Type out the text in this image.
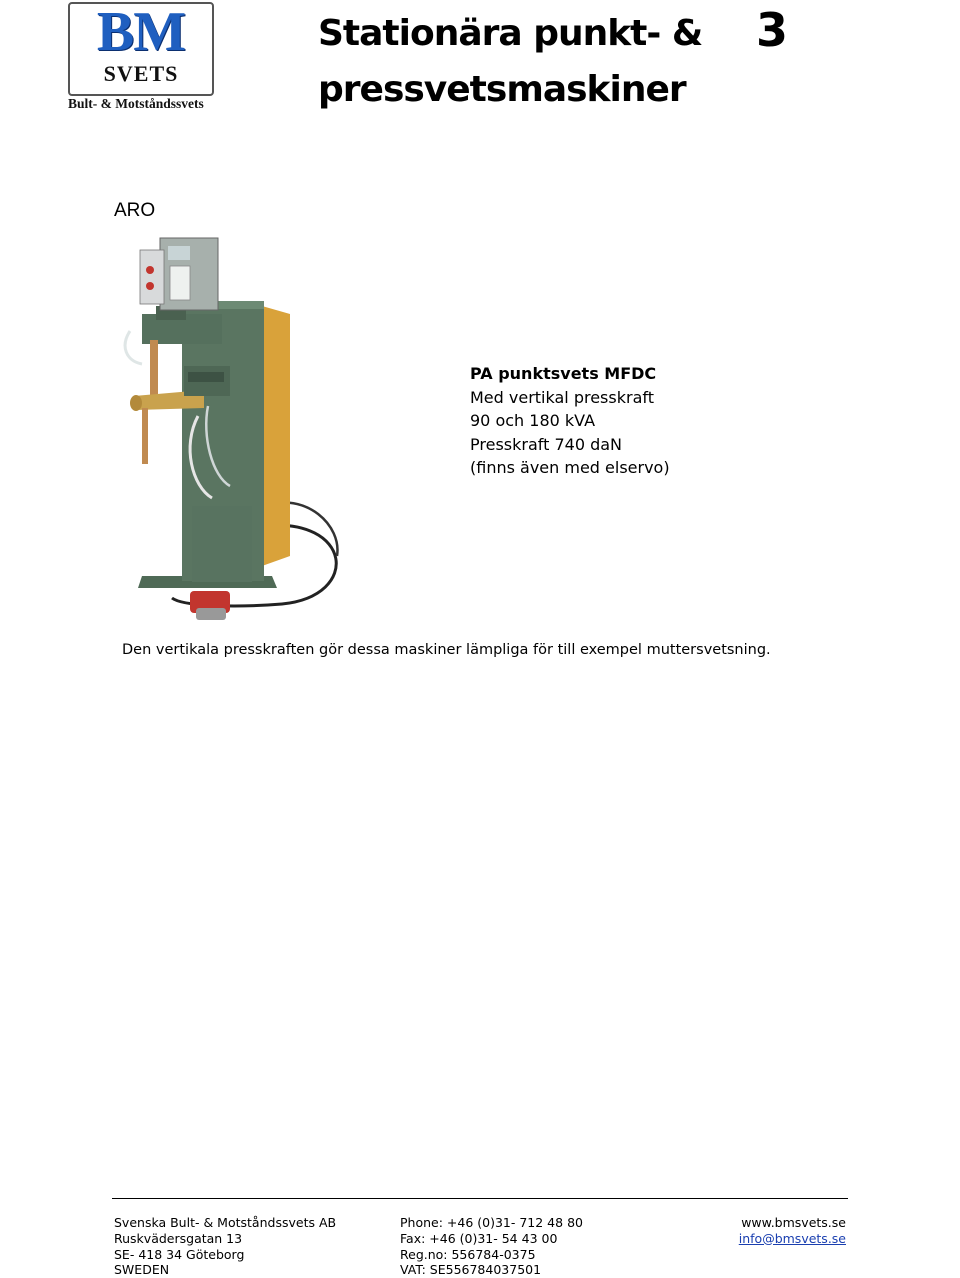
BM
SVETS
Bult- & Motståndssvets
Stationära punkt- &
pressvetsmaskiner
3
ARO
PA punktsvets MFDC
Med vertikal presskraft
90 och 180 kVA
Presskraft 740 daN
(finns även med elservo)
Den vertikala presskraften gör dessa maskiner lämpliga för till exempel muttersvetsning.
Svenska Bult- & Motståndssvets AB
Ruskvädersgatan 13
SE- 418 34 Göteborg
SWEDEN
Phone: +46 (0)31- 712 48 80
Fax: +46 (0)31- 54 43 00
Reg.no: 556784-0375
VAT: SE556784037501
www.bmsvets.se
info@bmsvets.se
